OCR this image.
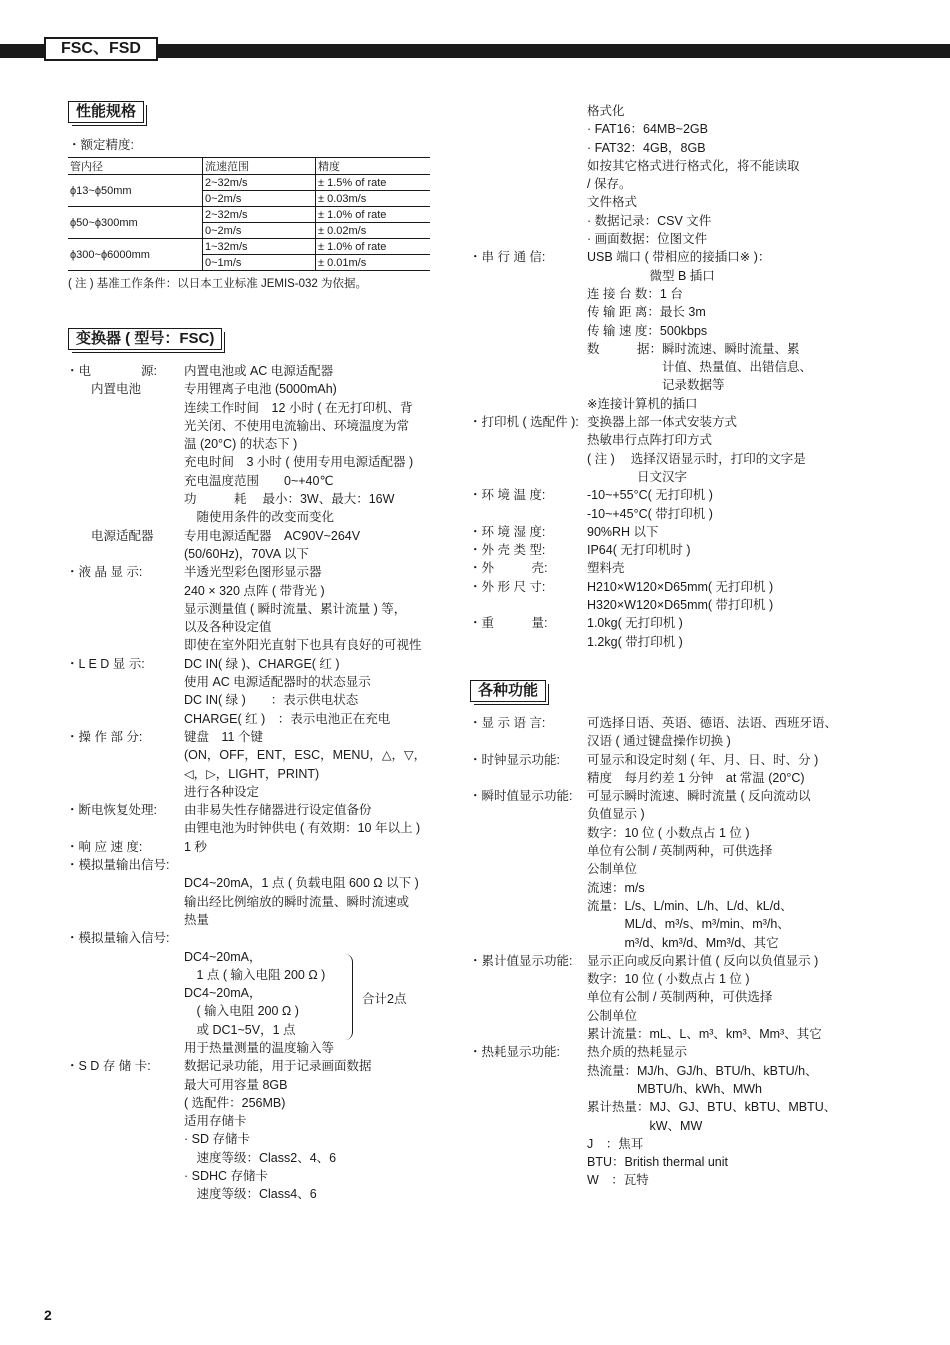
FSC、FSD
性能规格
・额定精度:
管内径	流速范围	精度
ϕ13~ϕ50mm	2~32m/s	± 1.5% of rate
	0~2m/s	± 0.03m/s
ϕ50~ϕ300mm	2~32m/s	± 1.0% of rate
	0~2m/s	± 0.02m/s
ϕ300~ϕ6000mm	1~32m/s	± 1.0% of rate
	0~1m/s	± 0.01m/s
( 注 ) 基准工作条件：以日本工业标准 JEMIS-032 为依据。
变换器 ( 型号：FSC)
・电　　　　源:	内置电池或 AC 电源适配器
　　内置电池	专用锂离子电池 (5000mAh)
连续工作时间　12 小时 ( 在无打印机、背
光关闭、不使用电流输出、环境温度为常
温 (20°C) 的状态下 )
充电时间　3 小时 ( 使用专用电源适配器 )
充电温度范围　　0~+40℃
功　　　耗　 最小：3W、最大：16W
　随使用条件的改变而变化
　　电源适配器	专用电源适配器　AC90V~264V
(50/60Hz)，70VA 以下
・液 晶 显 示:	半透光型彩色图形显示器
240 × 320 点阵 ( 带背光 )
显示测量值 ( 瞬时流量、累计流量 ) 等，
以及各种设定值
即使在室外阳光直射下也具有良好的可视性
・L E D 显 示:	DC IN( 绿 )、CHARGE( 红 )
使用 AC 电源适配器时的状态显示
DC IN( 绿 )　　：表示供电状态
CHARGE( 红 )　：表示电池正在充电
・操 作 部 分:	键盘　11 个键
(ON，OFF，ENT，ESC，MENU，△，▽，
◁，▷，LIGHT，PRINT)
进行各种设定
・断电恢复处理:	由非易失性存储器进行设定值备份
由锂电池为时钟供电 ( 有效期：10 年以上 )
・响 应 速 度:	1 秒
・模拟量输出信号:
DC4~20mA，1 点 ( 负载电阻 600 Ω 以下 )
输出经比例缩放的瞬时流量、瞬时流速或
热量
・模拟量输入信号:
DC4~20mA，
　1 点 ( 输入电阻 200 Ω )
DC4~20mA，
　( 输入电阻 200 Ω )
　或 DC1~5V，1 点
用于热量测量的温度输入等
・S D 存 储 卡:	数据记录功能，用于记录画面数据
最大可用容量 8GB
( 选配件：256MB)
适用存储卡
· SD 存储卡
　速度等级：Class2、4、6
· SDHC 存储卡
　速度等级：Class4、6
合计2点
格式化
· FAT16：64MB~2GB
· FAT32：4GB，8GB
如按其它格式进行格式化，将不能读取
/ 保存。
文件格式
· 数据记录：CSV 文件
· 画面数据：位图文件
・串 行 通 信:	USB 端口 ( 带相应的接插口※ )：
　　　　　微型 B 插口
连 接 台 数：1 台
传 输 距 离：最长 3m
传 输 速 度：500kbps
数　　　据：瞬时流速、瞬时流量、累
　　　　　　计值、热量值、出错信息、
　　　　　　记录数据等
※连接计算机的插口
・打印机 ( 选配件 ): 变换器上部一体式安装方式
热敏串行点阵打印方式
( 注 )　 选择汉语显示时，打印的文字是
　　　　日文汉字
・环 境 温 度:	-10~+55°C( 无打印机 )
-10~+45°C( 带打印机 )
・环 境 湿 度:	90%RH 以下
・外 壳 类 型:	IP64( 无打印机时 )
・外　　　壳:	塑料壳
・外 形 尺 寸:	H210×W120×D65mm( 无打印机 )
H320×W120×D65mm( 带打印机 )
・重　　　量:	1.0kg( 无打印机 )
1.2kg( 带打印机 )
各种功能
・显 示 语 言:	可选择日语、英语、德语、法语、西班牙语、
汉语 ( 通过键盘操作切换 )
・时钟显示功能:	可显示和设定时刻 ( 年、月、日、时、分 )
精度　每月约差 1 分钟　at 常温 (20°C)
・瞬时值显示功能:	可显示瞬时流速、瞬时流量 ( 反向流动以
负值显示 )
数字：10 位 ( 小数点占 1 位 )
单位有公制 / 英制两种，可供选择
公制单位
流速：m/s
流量：L/s、L/min、L/h、L/d、kL/d、
　　　ML/d、m³/s、m³/min、m³/h、
　　　m³/d、km³/d、Mm³/d、其它
・累计值显示功能:	显示正向或反向累计值 ( 反向以负值显示 )
数字：10 位 ( 小数点占 1 位 )
单位有公制 / 英制两种，可供选择
公制单位
累计流量：mL、L、m³、km³、Mm³、其它
・热耗显示功能:	热介质的热耗显示
热流量：MJ/h、GJ/h、BTU/h、kBTU/h、
　　　　MBTU/h、kWh、MWh
累计热量：MJ、GJ、BTU、kBTU、MBTU、
　　　　　kW、MW
J　：焦耳
BTU：British thermal unit
W　：瓦特
2
